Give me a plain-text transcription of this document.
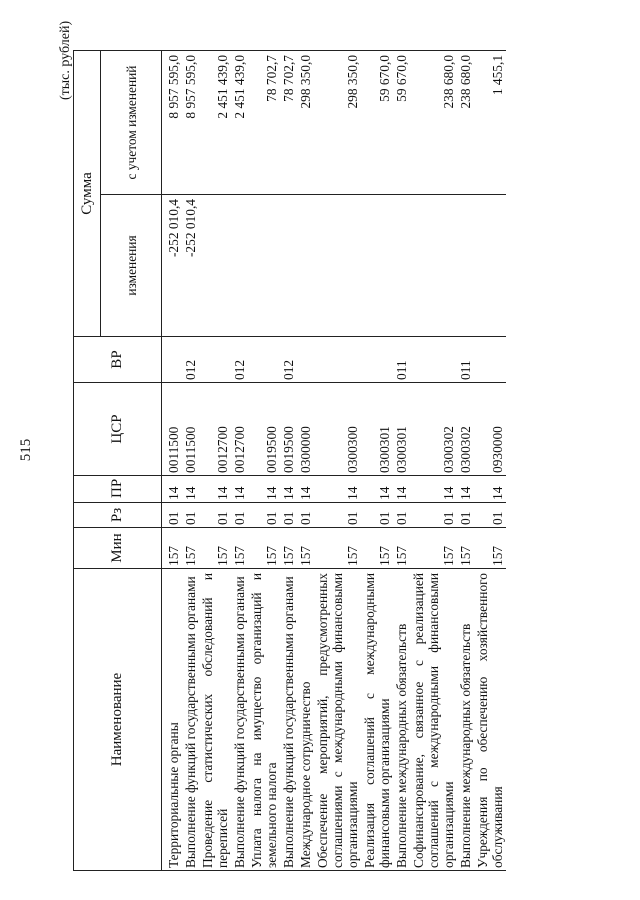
515
(тыс. рублей)
Наименование	Мин	Рз	ПР	ЦСР	ВР	Сумма	
						изменения	с учетом изменений
Территориальные органы	157	01	14	0011500		-252 010,4	8 957 595,0
Выполнение функций государственными органами	157	01	14	0011500	012	-252 010,4	8 957 595,0
Проведение статистических обследований и переписей	157	01	14	0012700			2 451 439,0
Выполнение функций государственными органами	157	01	14	0012700	012		2 451 439,0
Уплата налога на имущество организаций и земельного налога	157	01	14	0019500			78 702,7
Выполнение функций государственными органами	157	01	14	0019500	012		78 702,7
Международное сотрудничество	157	01	14	0300000			298 350,0
Обеспечение мероприятий, предусмотренных соглашениями с международными финансовыми организациями	157	01	14	0300300			298 350,0
Реализация соглашений с международными финансовыми организациями	157	01	14	0300301			59 670,0
Выполнение международных обязательств	157	01	14	0300301	011		59 670,0
Софинансирование, связанное с реализацией соглашений с международными финансовыми организациями	157	01	14	0300302			238 680,0
Выполнение международных обязательств	157	01	14	0300302	011		238 680,0
Учреждения по обеспечению хозяйственного обслуживания	157	01	14	0930000			1 455,1
